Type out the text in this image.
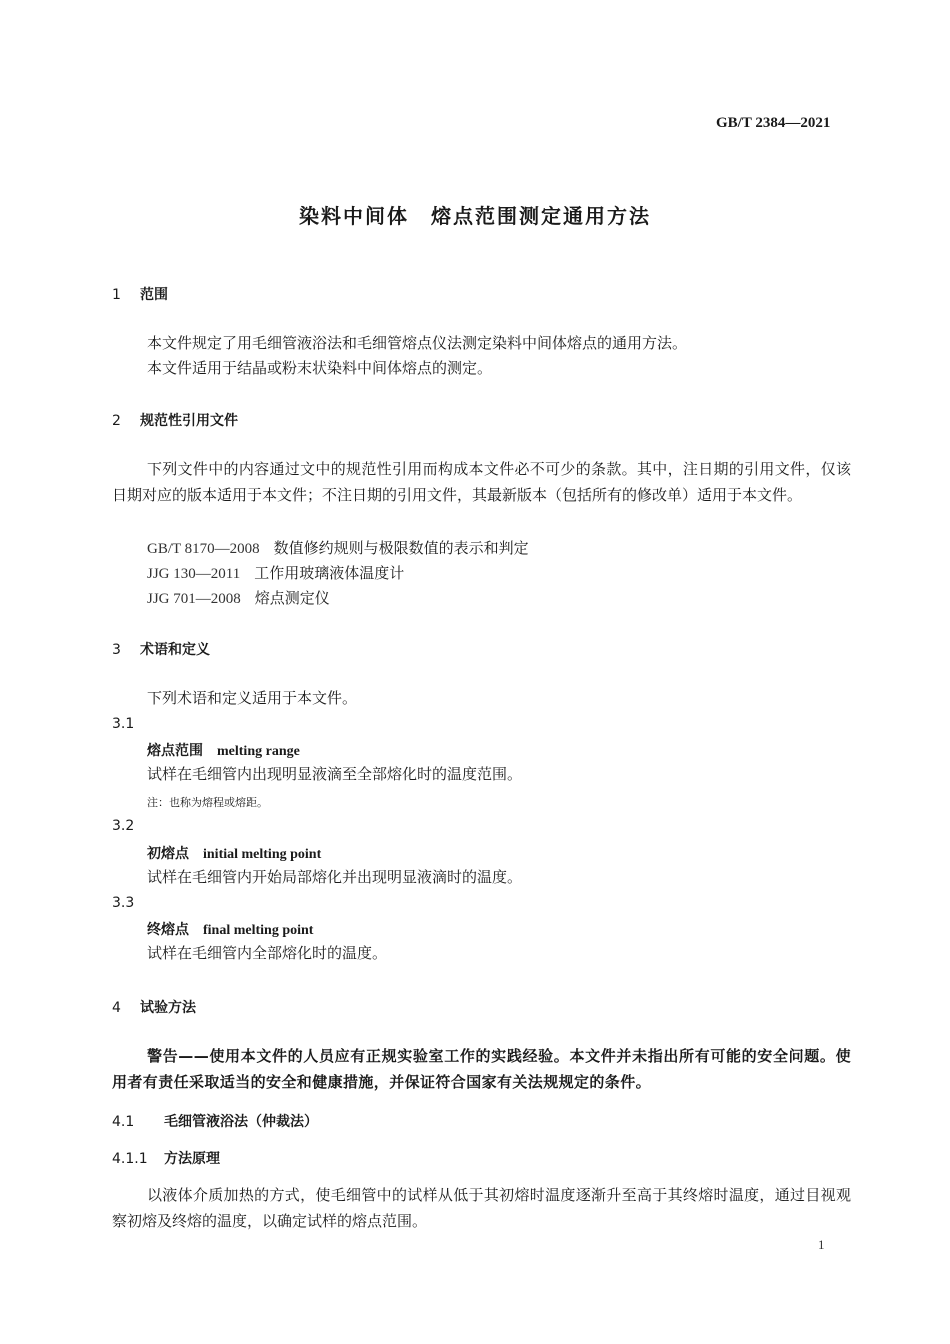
GB/T 2384—2021
染料中间体　熔点范围测定通用方法
1 范围
本文件规定了用毛细管液浴法和毛细管熔点仪法测定染料中间体熔点的通用方法。
本文件适用于结晶或粉末状染料中间体熔点的测定。
2 规范性引用文件
下列文件中的内容通过文中的规范性引用而构成本文件必不可少的条款。其中，注日期的引用文件，仅该日期对应的版本适用于本文件；不注日期的引用文件，其最新版本（包括所有的修改单）适用于本文件。
GB/T 8170—2008 数值修约规则与极限数值的表示和判定
JJG 130—2011 工作用玻璃液体温度计
JJG 701—2008 熔点测定仪
3 术语和定义
下列术语和定义适用于本文件。
3.1
熔点范围 melting range
试样在毛细管内出现明显液滴至全部熔化时的温度范围。
注：也称为熔程或熔距。
3.2
初熔点 initial melting point
试样在毛细管内开始局部熔化并出现明显液滴时的温度。
3.3
终熔点 final melting point
试样在毛细管内全部熔化时的温度。
4 试验方法
警告——使用本文件的人员应有正规实验室工作的实践经验。本文件并未指出所有可能的安全问题。使用者有责任采取适当的安全和健康措施，并保证符合国家有关法规规定的条件。
4.1 毛细管液浴法（仲裁法）
4.1.1 方法原理
以液体介质加热的方式，使毛细管中的试样从低于其初熔时温度逐渐升至高于其终熔时温度，通过目视观察初熔及终熔的温度，以确定试样的熔点范围。
1
